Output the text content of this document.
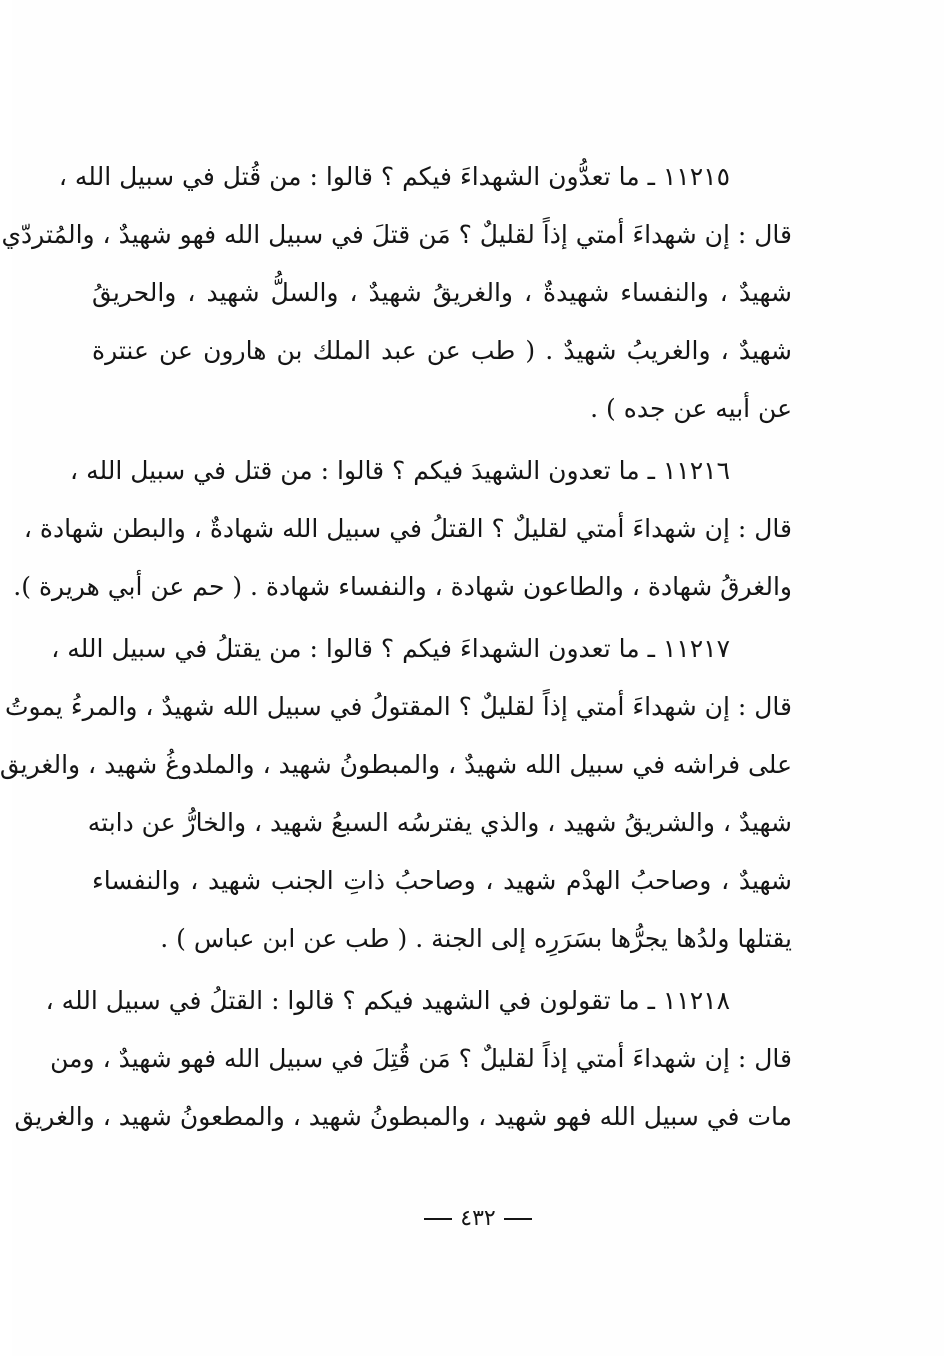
١١٢١٥ ـ ما تعدُّون الشهداءَ فيكم ؟ قالوا : من قُتل في سبيل الله ،
قال : إن شهداءَ أمتي إذاً لقليلٌ ؟ مَن قتلَ في سبيل الله فهو شهيدٌ ، والمُتردّي
شهيدٌ ، والنفساء شهيدةٌ ، والغريقُ شهيدٌ ، والسلُّ شهيد ، والحريقُ
شهيدٌ ، والغريبُ شهيدٌ . ( طب عن عبد الملك بن هارون عن عنترة
عن أبيه عن جده ) .
١١٢١٦ ـ ما تعدون الشهيدَ فيكم ؟ قالوا : من قتل في سبيل الله ،
قال : إن شهداءَ أمتي لقليلٌ ؟ القتلُ في سبيل الله شهادةٌ ، والبطن شهادة ،
والغرقُ شهادة ، والطاعون شهادة ، والنفساء شهادة . ( حم عن أبي هريرة ).
١١٢١٧ ـ ما تعدون الشهداءَ فيكم ؟ قالوا : من يقتلُ في سبيل الله ،
قال : إن شهداءَ أمتي إذاً لقليلٌ ؟ المقتولُ في سبيل الله شهيدٌ ، والمرءُ يموتُ
على فراشه في سبيل الله شهيدٌ ، والمبطونُ شهيد ، والملدوغُ شهيد ، والغريق
شهيدٌ ، والشريقُ شهيد ، والذي يفترسُه السبعُ شهيد ، والخارُّ عن دابته
شهيدٌ ، وصاحبُ الهدْم شهيد ، وصاحبُ ذاتِ الجنب شهيد ، والنفساء
يقتلها ولدُها يجرُّها بسَرَرِه إلى الجنة . ( طب عن ابن عباس ) .
١١٢١٨ ـ ما تقولون في الشهيد فيكم ؟ قالوا : القتلُ في سبيل الله ،
قال : إن شهداءَ أمتي إذاً لقليلٌ ؟ مَن قُتِلَ في سبيل الله فهو شهيدٌ ، ومن
مات في سبيل الله فهو شهيد ، والمبطونُ شهيد ، والمطعونُ شهيد ، والغريق
٤٣٢
